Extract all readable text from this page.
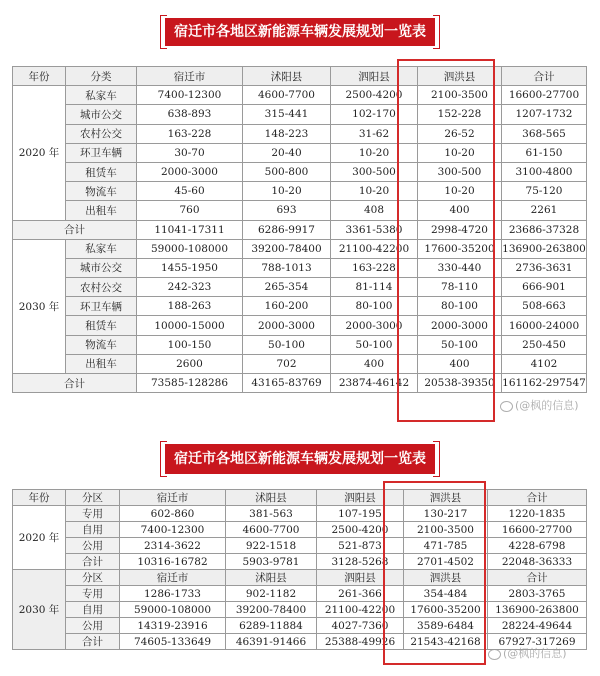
宿迁市各地区新能源车辆发展规划一览表
年份	分类	宿迁市	沭阳县	泗阳县	泗洪县	合计
2020 年	私家车	7400-12300	4600-7700	2500-4200	2100-3500	16600-27700
	城市公交	638-893	315-441	102-170	152-228	1207-1732
	农村公交	163-228	148-223	31-62	26-52	368-565
	环卫车辆	30-70	20-40	10-20	10-20	61-150
	租赁车	2000-3000	500-800	300-500	300-500	3100-4800
	物流车	45-60	10-20	10-20	10-20	75-120
	出租车	760	693	408	400	2261
合计		11041-17311	6286-9917	3361-5380	2998-4720	23686-37328
2030 年	私家车	59000-108000	39200-78400	21100-42200	17600-35200	136900-263800
	城市公交	1455-1950	788-1013	163-228	330-440	2736-3631
	农村公交	242-323	265-354	81-114	78-110	666-901
	环卫车辆	188-263	160-200	80-100	80-100	508-663
	租赁车	10000-15000	2000-3000	2000-3000	2000-3000	16000-24000
	物流车	100-150	50-100	50-100	50-100	250-450
	出租车	2600	702	400	400	4102
合计		73585-128286	43165-83769	23874-46142	20538-39350	161162-297547
(@枫的信息)
宿迁市各地区新能源车辆发展规划一览表
年份	分区	宿迁市	沭阳县	泗阳县	泗洪县	合计
2020 年	专用	602-860	381-563	107-195	130-217	1220-1835
	自用	7400-12300	4600-7700	2500-4200	2100-3500	16600-27700
	公用	2314-3622	922-1518	521-873	471-785	4228-6798
	合计	10316-16782	5903-9781	3128-5268	2701-4502	22048-36333
2030 年	分区	宿迁市	沭阳县	泗阳县	泗洪县	合计
	专用	1286-1733	902-1182	261-366	354-484	2803-3765
	自用	59000-108000	39200-78400	21100-42200	17600-35200	136900-263800
	公用	14319-23916	6289-11884	4027-7360	3589-6484	28224-49644
	合计	74605-133649	46391-91466	25388-49926	21543-42168	67927-317269
(@枫的信息)
